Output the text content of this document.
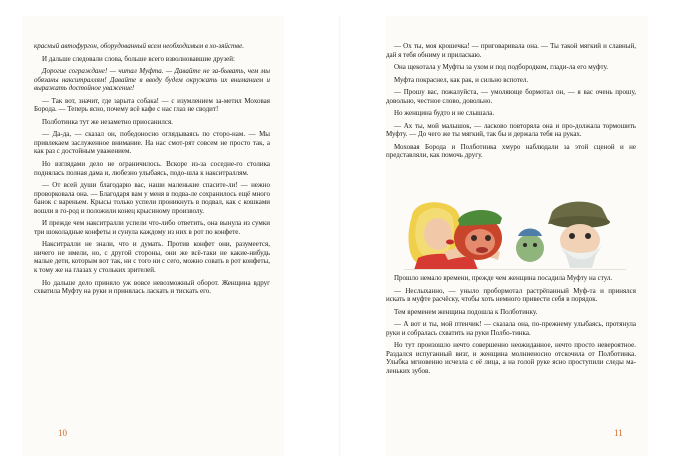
красный автофургон, оборудованный всем необходимым в хо-зяйстве.

И дальше следовали слова, больше всего взволновавшие друзей:

Дорогие согражданe! — читал Муфта. — Давайте не за-бывать, чем мы обязаны накситраллям! Давайте в вводу будем окружать их вниманием и выражать достойное уважение!

— Так вот, значит, где зарыта собака! — с изумлением за-метил Моховая Борода. — Теперь ясно, почему всё кафе с нас глаз не сводит!

Полботинка тут же незаметно приосанился.

— Да-да, — сказал он, победоносно оглядываясь по сторо-нам. — Мы привлекаем заслуженное внимание. На нас смот-рят совсем не просто так, а как раз с достойным уважением.

Но взглядами дело не ограничилось. Вскоре из-за соседне-го столика поднялась полная дама и, любезно улыбаясь, подо-шла к накситраллям.

— От всей души благодарю вас, наши маленькие спасите-ли! — нежно проворковала она. — Благодаря вам у меня в подва-ле сохранилось ещё много банок с вареньем. Крысы только успели проникнуть в подвал, как с кошками вошли в го-род и положили конец крысиному произволу.

И прежде чем накситралли успели что-либо ответить, она вынула из сумки три шоколадные конфеты и сунула каждому из них в рот по конфете.

Накситралли не знали, что и думать. Против конфет они, разумеется, ничего не имели, но, с другой стороны, они же всё-таки не какие-нибудь малые дети, которым вот так, ни с того ни с сего, можно совать в рот конфеты, к тому же на глазах у стольких зрителей.

Но дальше дело приняло уж вовсе невозможный оборот. Женщина вдруг схватила Муфту на руки и принялась ласкать и тискать его.

10

— Ох ты, моя крошечка! — приговаривала она. — Ты такой мягкий и славный, дай я тебя обниму и приласкаю.

Она щекотала у Муфты за ухом и под подбородком, глади-ла его муфту.

Муфта покраснел, как рак, и сильно вспотел.

— Прошу вас, пожалуйста, — умоляюще бормотал он, — я вас очень прошу, довольно, честное слово, довольно.

Но женщина будто и не слышала.

— Ах ты, мой малышок, — ласково повторяла она и про-должала тормошить Муфту. — До чего же ты мягкий, так бы и держала тебя на руках.

Моховая Борода и Полботинка хмуро наблюдали за этой сценой и не представляли, как помочь другу.

Прошло немало времени, прежде чем женщина посадила Муфту на стул.

— Неслыханно, — уныло пробормотал растрёпанный Муф-та и принялся искать в муфте расчёску, чтобы хоть немного привести себя в порядок.

Тем временем женщина подошла к Полботинку.

— А вот и ты, мой птенчик! — сказала она, по-прежнему улыбаясь, протянула руки и собралась схватить на руки Полбо-тинка.

Но тут произошло нечто совершенно неожиданное, нечто просто невероятное. Раздался испуганный визг, и женщина молниеносно отскочила от Полботинка. Улыбка мгновенно исчезла с её лица, а на голой руке ясно проступили следы ма-леньких зубов.

11
